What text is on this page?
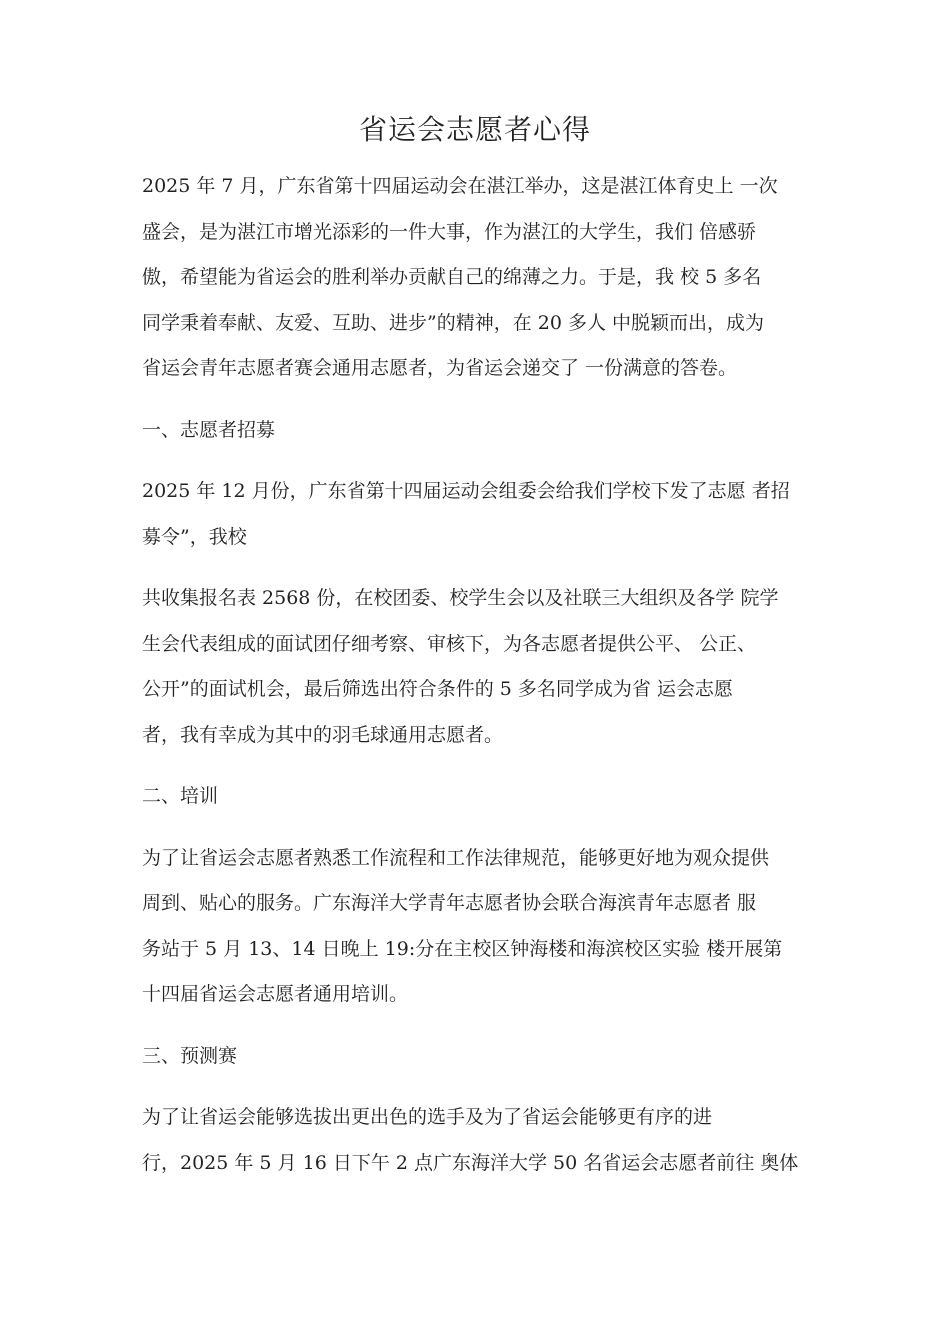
省运会志愿者心得

2025 年 7 月，广东省第十四届运动会在湛江举办，这是湛江体育史上 一次
盛会，是为湛江市增光添彩的一件大事，作为湛江的大学生，我们 倍感骄
傲，希望能为省运会的胜利举办贡献自己的绵薄之力。于是，我 校 5 多名
同学秉着奉献、友爱、互助、进步”的精神，在 20 多人 中脱颖而出，成为
省运会青年志愿者赛会通用志愿者，为省运会递交了 一份满意的答卷。

一、志愿者招募

2025 年 12 月份，广东省第十四届运动会组委会给我们学校下发了志愿 者招
募令”，我校

共收集报名表 2568 份，在校团委、校学生会以及社联三大组织及各学 院学
生会代表组成的面试团仔细考察、审核下，为各志愿者提供公平、 公正、
公开”的面试机会，最后筛选出符合条件的 5 多名同学成为省 运会志愿
者，我有幸成为其中的羽毛球通用志愿者。

二、培训

为了让省运会志愿者熟悉工作流程和工作法律规范，能够更好地为观众提供
周到、贴心的服务。广东海洋大学青年志愿者协会联合海滨青年志愿者 服
务站于 5 月 13、14 日晚上 19:分在主校区钟海楼和海滨校区实验 楼开展第
十四届省运会志愿者通用培训。

三、预测赛

为了让省运会能够选拔出更出色的选手及为了省运会能够更有序的进
行，2025 年 5 月 16 日下午 2 点广东海洋大学 50 名省运会志愿者前往 奥体
